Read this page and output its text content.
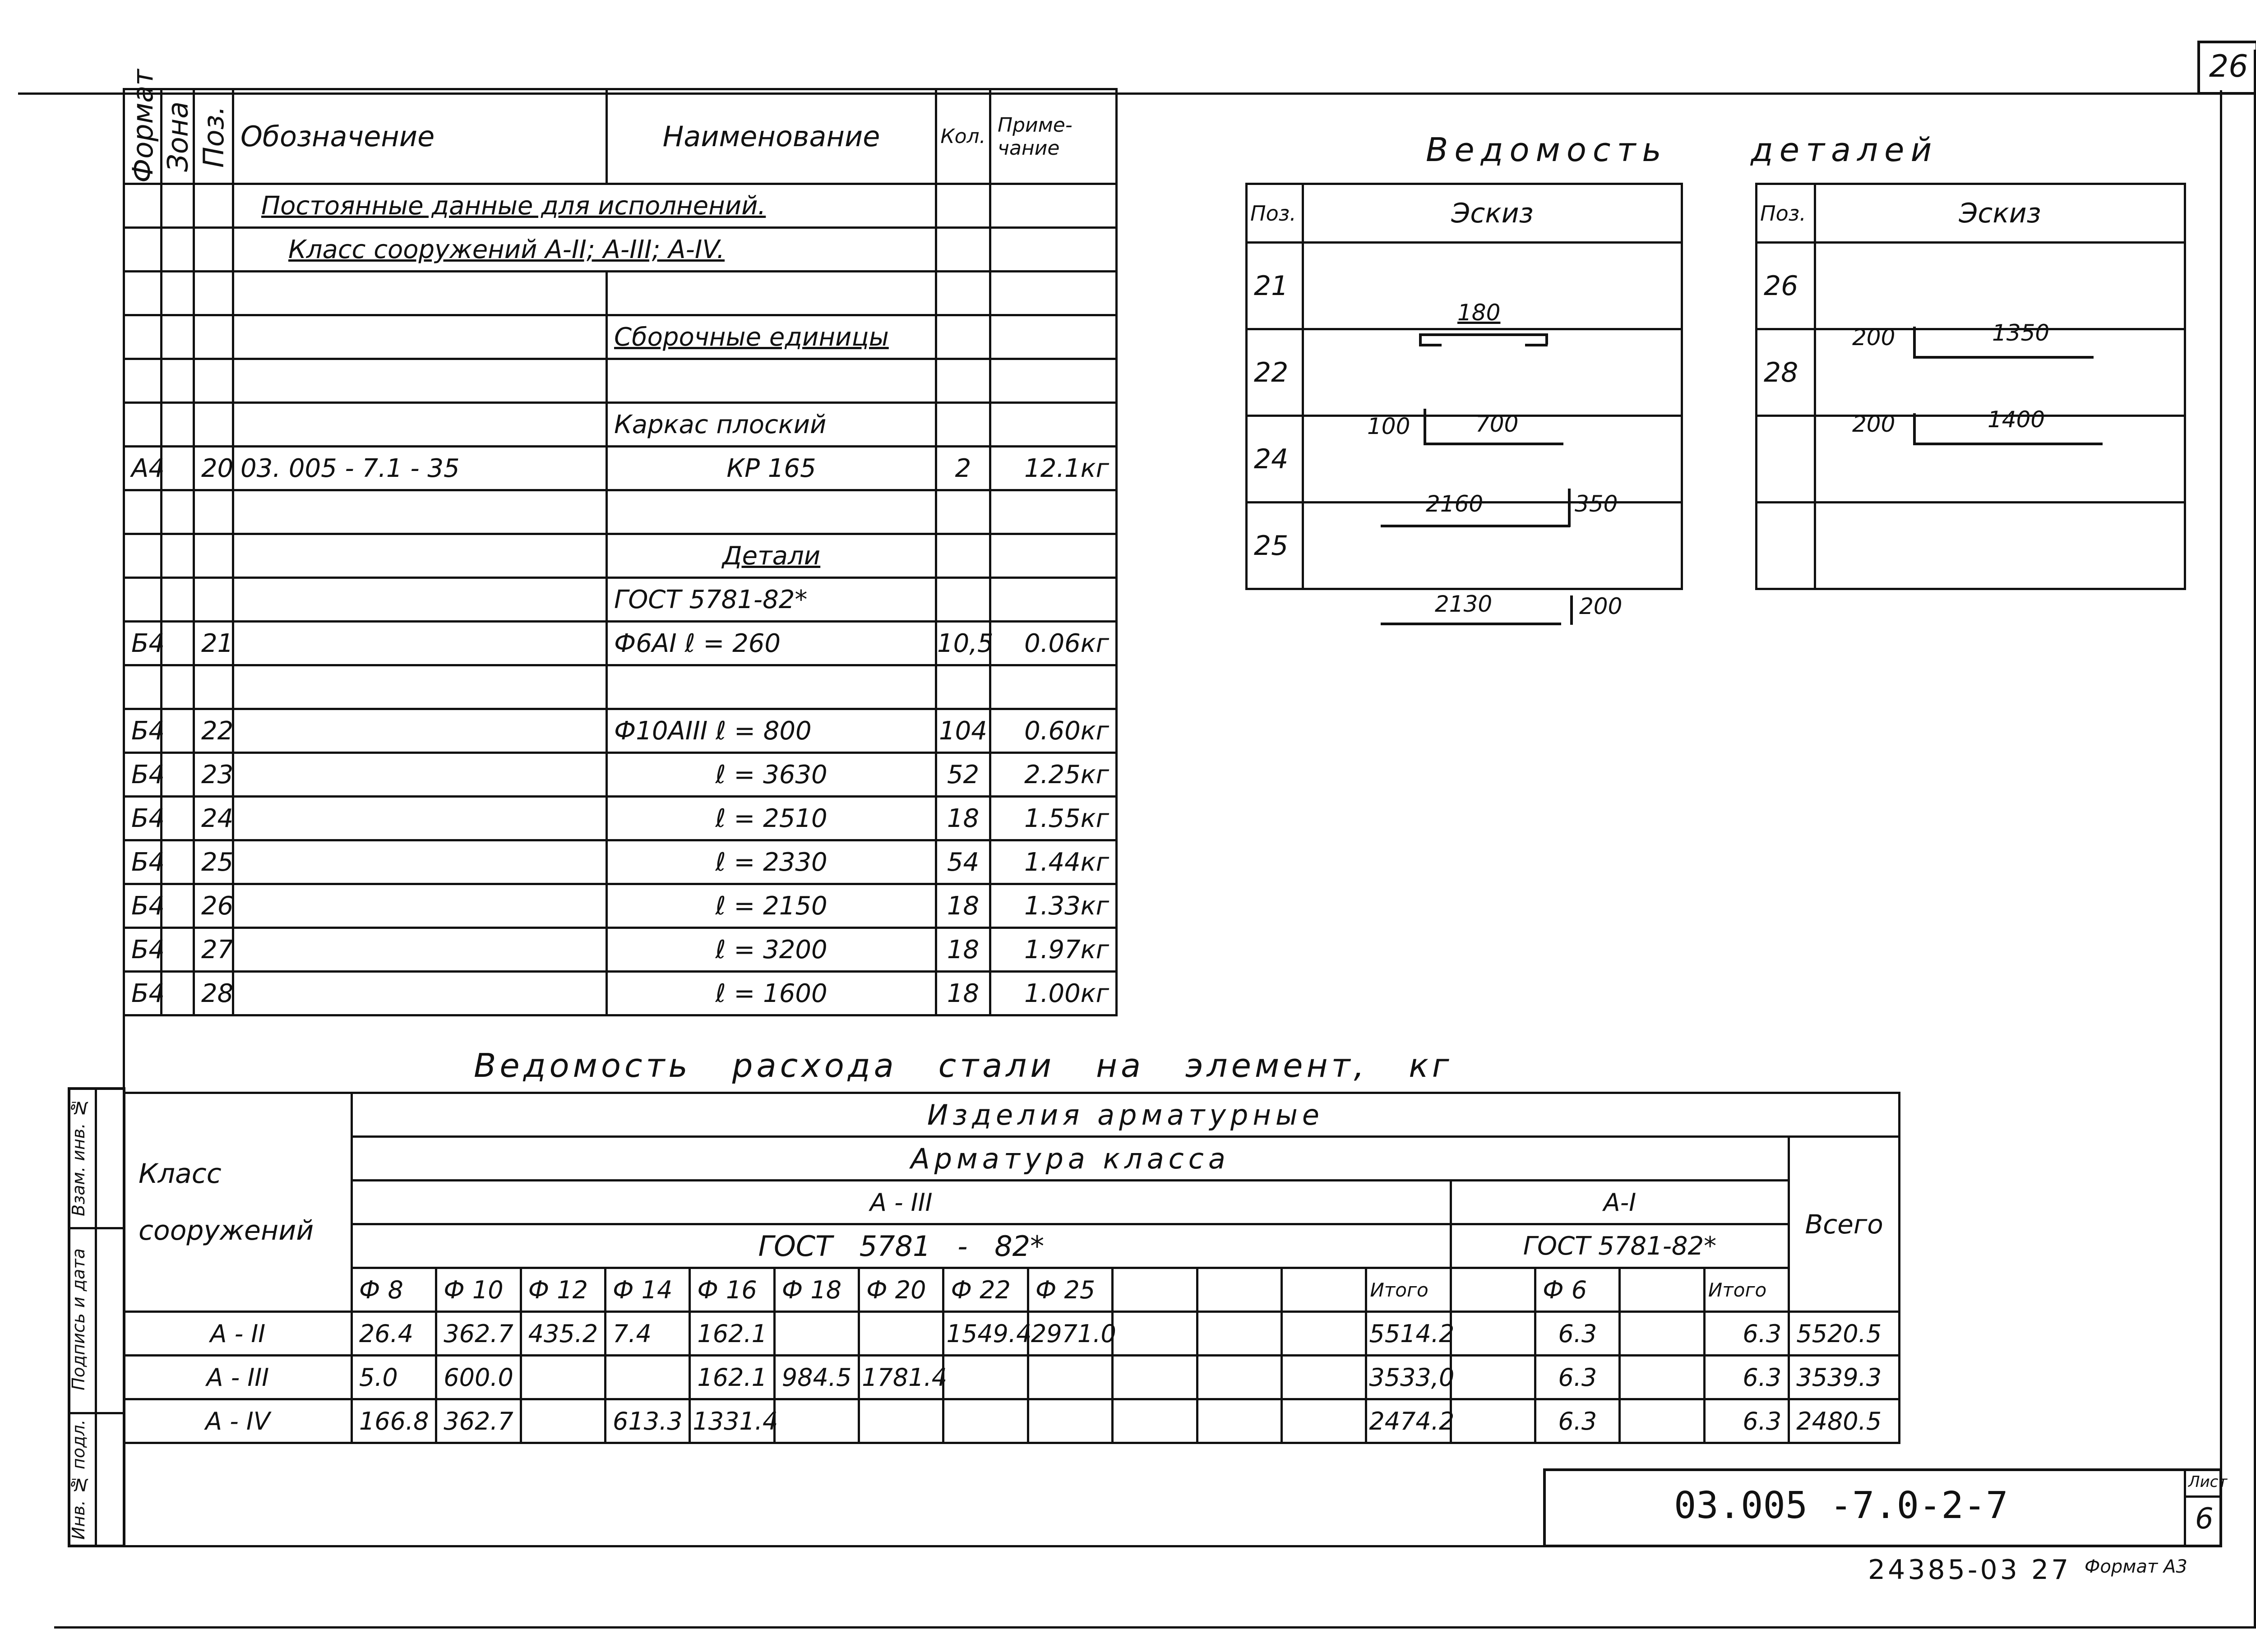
26
Формат	Зона	Поз.	Обозначение	Наименование	Кол.	Приме-чание
			Постоянные данные для исполнений.			
			Класс сооружений А-II; А-III; А-IV.			

				Сборочные единицы		

				Каркас плоский		
А4		20	03. 005 - 7.1 - 35	КР 165	2	12.1кг

				Детали		
				ГОСТ 5781-82*		
Б4		21		Ф6АI ℓ = 260	10,5	0.06кг

Б4		22		Ф10АIII ℓ = 800	104	0.60кг
Б4		23		ℓ = 3630	52	2.25кг
Б4		24		ℓ = 2510	18	1.55кг
Б4		25		ℓ = 2330	54	1.44кг
Б4		26		ℓ = 2150	18	1.33кг
Б4		27		ℓ = 3200	18	1.97кг
Б4		28		ℓ = 1600	18	1.00кг
Ведомость	деталей
Поз.	Эскиз
21	180

22	100 700

24	2160 350

25	2130 200
Поз.	Эскиз
26	200 1350

28	200 1400

Ведомость расхода стали на элемент, кг
Класс сооружений	Изделия арматурные																	
	Арматура класса																	Всего
	А - III													А-I				
	ГОСТ 5781 - 82*													ГОСТ 5781-82*				
	Ф 8	Ф 10	Ф 12	Ф 14	Ф 16	Ф 18	Ф 20	Ф 22	Ф 25				Итого		Ф 6		Итого	
А - II	26.4	362.7	435.2	7.4	162.1			1549.4	2971.0				5514.2		6.3		6.3	5520.5
А - III	5.0	600.0			162.1	984.5	1781.4						3533,0		6.3		6.3	3539.3
А - IV	166.8	362.7		613.3	1331.4								2474.2		6.3		6.3	2480.5
Взам. инв. №
Подпись и дата
Инв. № подл.	03.005 -7.0-2-7
Лист
6
24385-03 27 Формат А3
